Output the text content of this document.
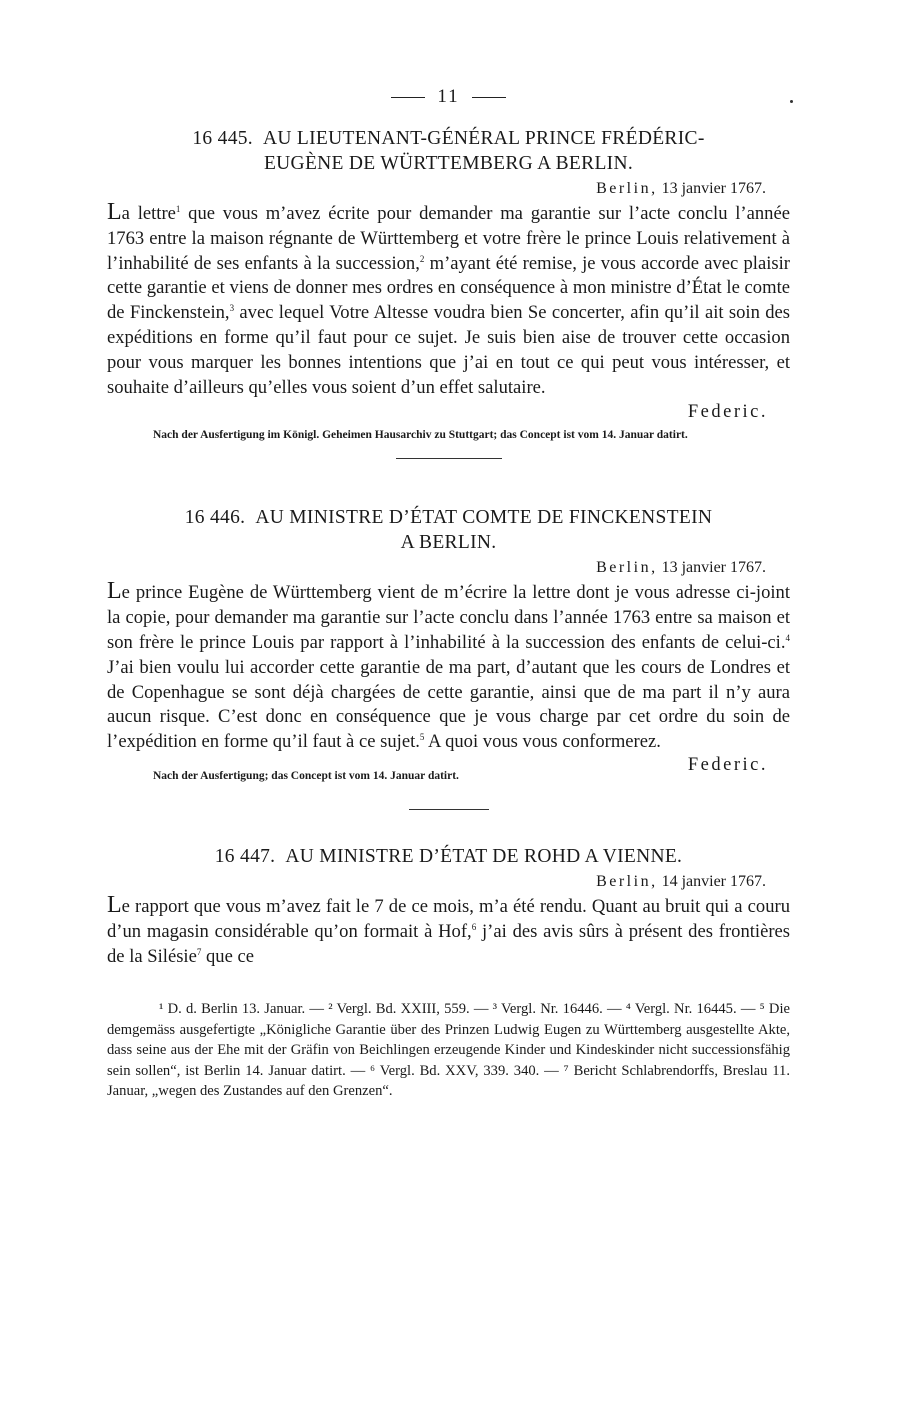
11
16 445. AU LIEUTENANT-GÉNÉRAL PRINCE FRÉDÉRIC-
EUGÈNE DE WÜRTTEMBERG A BERLIN.
Berlin, 13 janvier 1767.

La lettre$^1$ que vous m’avez écrite pour demander ma garantie sur l’acte conclu l’année 1763 entre la maison régnante de Württemberg et votre frère le prince Louis relativement à l’inhabilité de ses enfants à la succession,$^2$ m’ayant été remise, je vous accorde avec plaisir cette garantie et viens de donner mes ordres en conséquence à mon ministre d’État le comte de Finckenstein,$^3$ avec lequel Votre Altesse voudra bien Se concerter, afin qu’il ait soin des expéditions en forme qu’il faut pour ce sujet. Je suis bien aise de trouver cette occasion pour vous marquer les bonnes intentions que j’ai en tout ce qui peut vous intéresser, et souhaite d’ailleurs qu’elles vous soient d’un effet salutaire.

Federic.

Nach der Ausfertigung im Königl. Geheimen Hausarchiv zu Stuttgart; das Concept ist vom 14. Januar datirt.

16 446. AU MINISTRE D’ÉTAT COMTE DE FINCKENSTEIN
A BERLIN.
Berlin, 13 janvier 1767.

Le prince Eugène de Württemberg vient de m’écrire la lettre dont je vous adresse ci-joint la copie, pour demander ma garantie sur l’acte conclu dans l’année 1763 entre sa maison et son frère le prince Louis par rapport à l’inhabilité à la succession des enfants de celui-ci.$^4$ J’ai bien voulu lui accorder cette garantie de ma part, d’autant que les cours de Londres et de Copenhague se sont déjà chargées de cette garantie, ainsi que de ma part il n’y aura aucun risque. C’est donc en conséquence que je vous charge par cet ordre du soin de l’expédition en forme qu’il faut à ce sujet.$^5$ A quoi vous vous conformerez.

Nach der Ausfertigung; das Concept ist vom 14. Januar datirt.

Federic.
16 447. AU MINISTRE D’ÉTAT DE ROHD A VIENNE.
Berlin, 14 janvier 1767.

Le rapport que vous m’avez fait le 7 de ce mois, m’a été rendu. Quant au bruit qui a couru d’un magasin considérable qu’on formait à Hof,$^6$ j’ai des avis sûrs à présent des frontières de la Silésie$^7$ que ce

¹ D. d. Berlin 13. Januar. — ² Vergl. Bd. XXIII, 559. — ³ Vergl. Nr. 16446. — ⁴ Vergl. Nr. 16445. — ⁵ Die demgemäss ausgefertigte „Königliche Garantie über des Prinzen Ludwig Eugen zu Württemberg ausgestellte Akte, dass seine aus der Ehe mit der Gräfin von Beichlingen erzeugende Kinder und Kindeskinder nicht successionsfähig sein sollen“, ist Berlin 14. Januar datirt. — ⁶ Vergl. Bd. XXV, 339. 340. — ⁷ Bericht Schlabrendorffs, Breslau 11. Januar, „wegen des Zustandes auf den Grenzen“.
